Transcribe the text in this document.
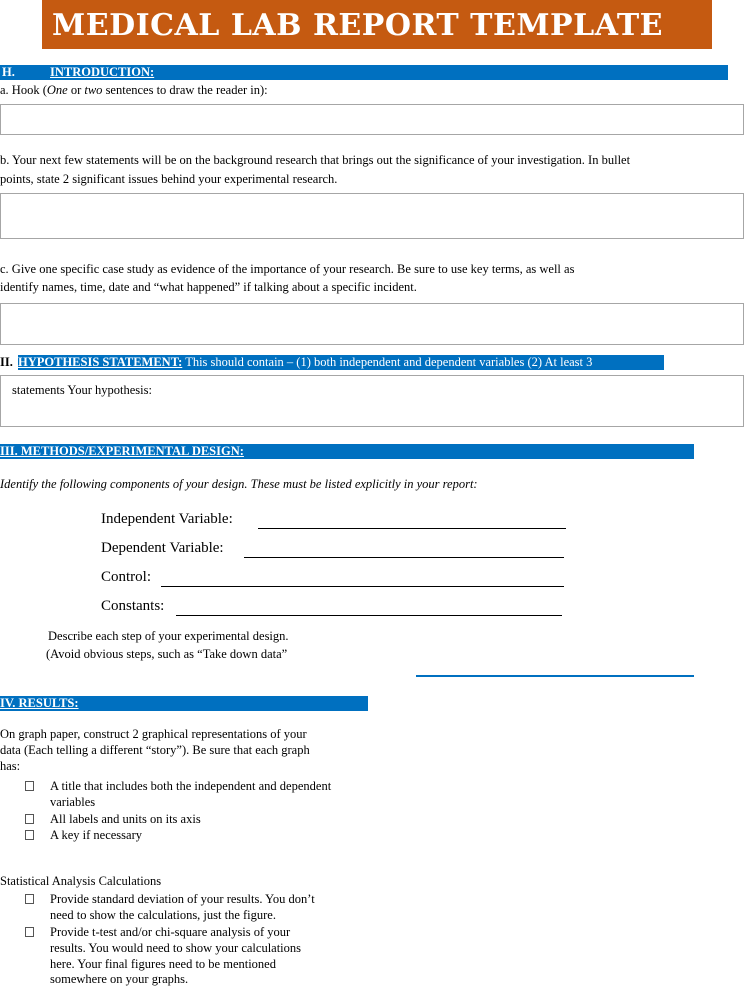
MEDICAL LAB REPORT TEMPLATE
H.	INTRODUCTION:
a. Hook (One or two sentences to draw the reader in):
b. Your next few statements will be on the background research that brings out the significance of your investigation. In bullet
points, state 2 significant issues behind your experimental research.
c. Give one specific case study as evidence of the importance of your research. Be sure to use key terms, as well as
identify names, time, date and “what happened” if talking about a specific incident.
II. HYPOTHESIS STATEMENT: This should contain – (1) both independent and dependent variables (2) At least 3
statements Your hypothesis:
III. METHODS/EXPERIMENTAL DESIGN:
Identify the following components of your design. These must be listed explicitly in your report:
Independent Variable:
Dependent Variable:
Control:
Constants:
Describe each step of your experimental design.
(Avoid obvious steps, such as “Take down data”
IV. RESULTS:
On graph paper, construct 2 graphical representations of your
data (Each telling a different “story”). Be sure that each graph
has:
A title that includes both the independent and dependent
variables
All labels and units on its axis
A key if necessary
Statistical Analysis Calculations
Provide standard deviation of your results. You don’t
need to show the calculations, just the figure.
Provide t-test and/or chi-square analysis of your
results. You would need to show your calculations
here. Your final figures need to be mentioned
somewhere on your graphs.
